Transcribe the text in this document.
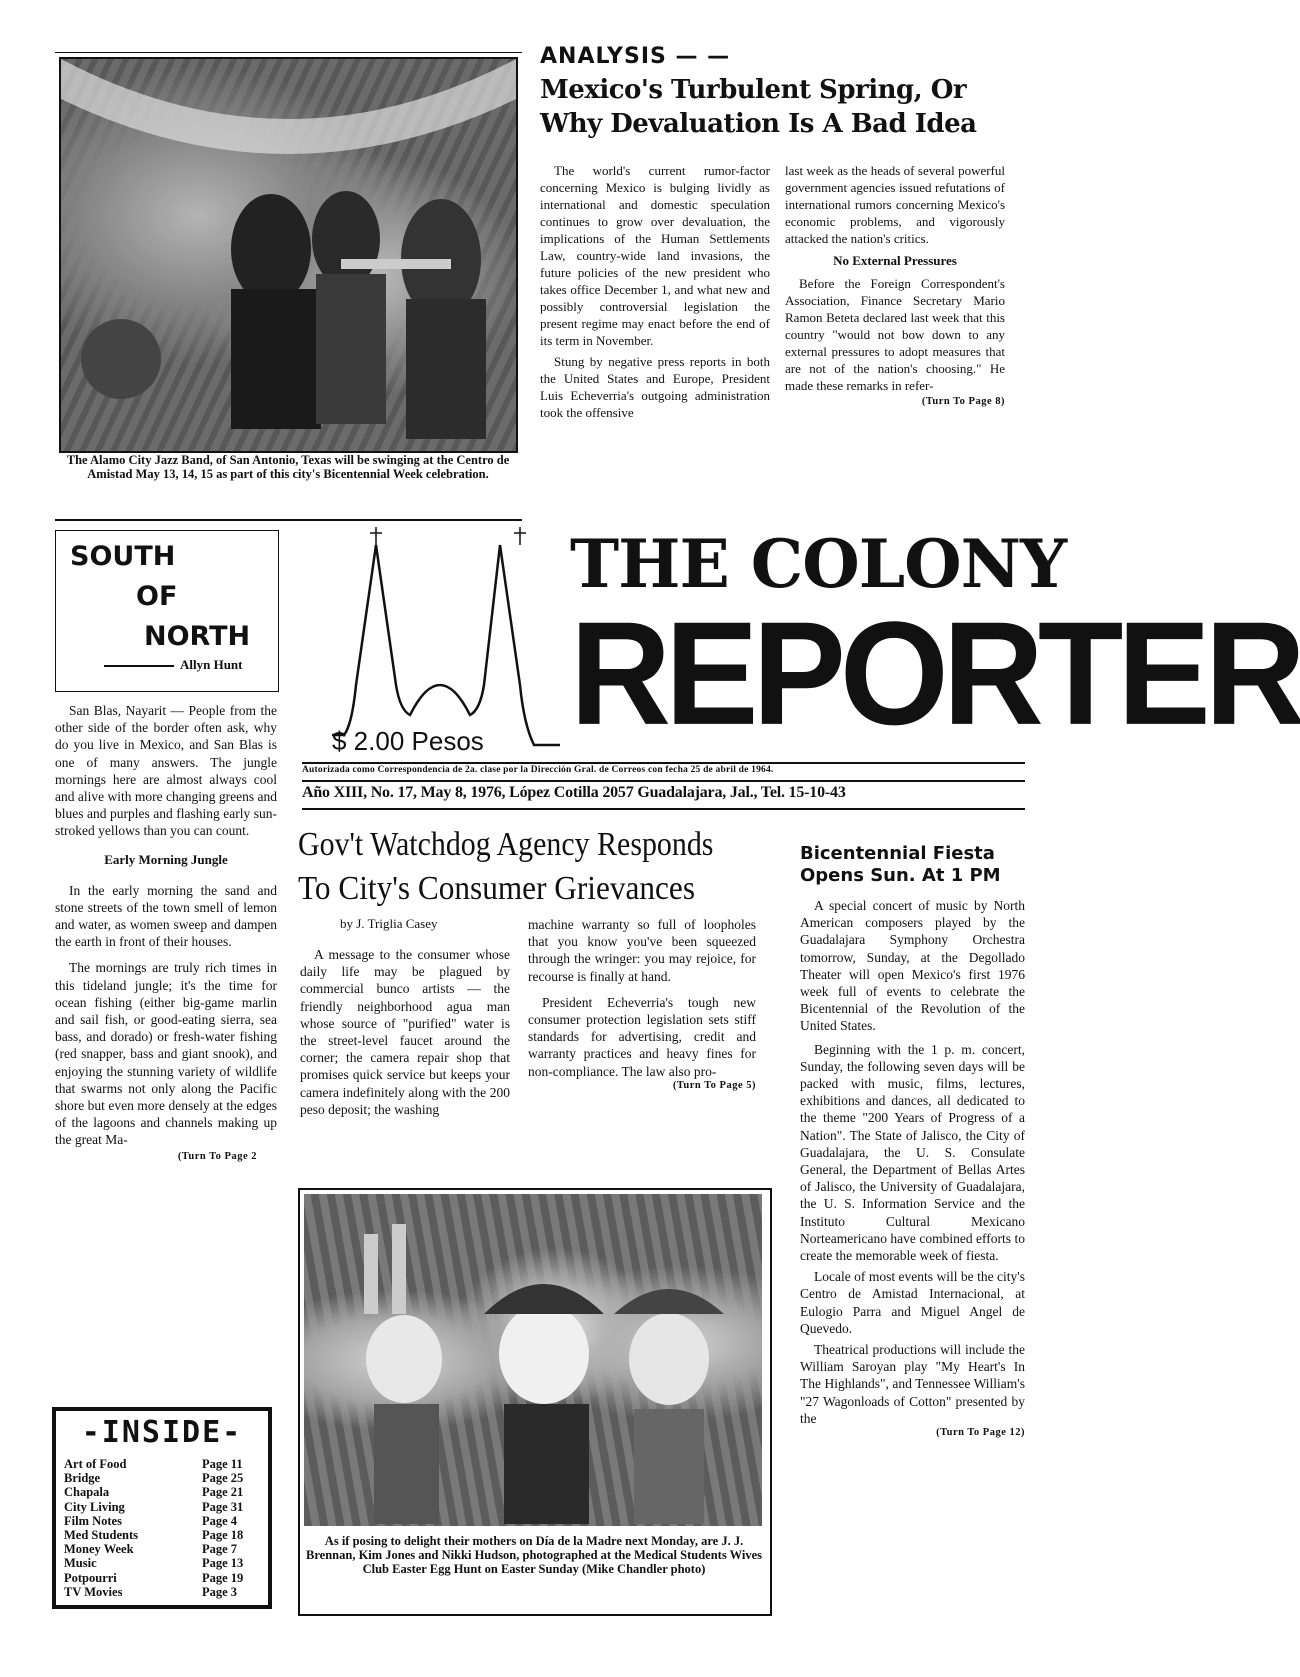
The Alamo City Jazz Band, of San Antonio, Texas will be swinging at the Centro de Amistad May 13, 14, 15 as part of this city's Bicentennial Week celebration.
ANALYSIS — —
Mexico's Turbulent Spring, Or
Why Devaluation Is A Bad Idea

The world's current rumor-factor concerning Mexico is bulging lividly as international and domestic speculation continues to grow over devaluation, the implications of the Human Settlements Law, country-wide land invasions, the future policies of the new president who takes office December 1, and what new and possibly controversial legislation the present regime may enact before the end of its term in November.

Stung by negative press reports in both the United States and Europe, President Luis Echeverria's outgoing administration took the offensive

last week as the heads of several powerful government agencies issued refutations of international rumors concerning Mexico's economic problems, and vigorously attacked the nation's critics.

No External Pressures

Before the Foreign Correspondent's Association, Finance Secretary Mario Ramon Beteta declared last week that this country "would not bow down to any external pressures to adopt measures that are not of the nation's choosing." He made these remarks in refer-

(Turn To Page 8)
SOUTH
OF
NORTH
Allyn Hunt

San Blas, Nayarit — People from the other side of the border often ask, why do you live in Mexico, and San Blas is one of many answers. The jungle mornings here are almost always cool and alive with more changing greens and blues and purples and flashing early sun-stroked yellows than you can count.

Early Morning Jungle

In the early morning the sand and stone streets of the town smell of lemon and water, as women sweep and dampen the earth in front of their houses.

The mornings are truly rich times in this tideland jungle; it's the time for ocean fishing (either big-game marlin and sail fish, or good-eating sierra, sea bass, and dorado) or fresh-water fishing (red snapper, bass and giant snook), and enjoying the stunning variety of wildlife that swarms not only along the Pacific shore but even more densely at the edges of the lagoons and channels making up the great Ma-

(Turn To Page 2
$ 2.00 Pesos
THE COLONY
REPORTER
Autorizada como Correspondencia de 2a. clase por la Dirección Gral. de Correos con fecha 25 de abril de 1964.
Año XIII, No. 17, May 8, 1976, López Cotilla 2057 Guadalajara, Jal., Tel. 15-10-43
Gov't Watchdog Agency Responds
To City's Consumer Grievances
by J. Triglia Casey

A message to the consumer whose daily life may be plagued by commercial bunco artists — the friendly neighborhood agua man whose source of "purified" water is the street-level faucet around the corner; the camera repair shop that promises quick service but keeps your camera indefinitely along with the 200 peso deposit; the washing

machine warranty so full of loopholes that you know you've been squeezed through the wringer: you may rejoice, for recourse is finally at hand.

President Echeverria's tough new consumer protection legislation sets stiff standards for advertising, credit and warranty practices and heavy fines for non-compliance. The law also pro-

(Turn To Page 5)
As if posing to delight their mothers on Día de la Madre next Monday, are J. J. Brennan, Kim Jones and Nikki Hudson, photographed at the Medical Students Wives Club Easter Egg Hunt on Easter Sunday (Mike Chandler photo)
Bicentennial Fiesta
Opens Sun. At 1 PM

A special concert of music by North American composers played by the Guadalajara Symphony Orchestra tomorrow, Sunday, at the Degollado Theater will open Mexico's first 1976 week full of events to celebrate the Bicentennial of the Revolution of the United States.

Beginning with the 1 p. m. concert, Sunday, the following seven days will be packed with music, films, lectures, exhibitions and dances, all dedicated to the theme "200 Years of Progress of a Nation". The State of Jalisco, the City of Guadalajara, the U. S. Consulate General, the Department of Bellas Artes of Jalisco, the University of Guadalajara, the U. S. Information Service and the Instituto Cultural Mexicano Norteamericano have combined efforts to create the memorable week of fiesta.

Locale of most events will be the city's Centro de Amistad Internacional, at Eulogio Parra and Miguel Angel de Quevedo.

Theatrical productions will include the William Saroyan play "My Heart's In The Highlands", and Tennessee William's "27 Wagonloads of Cotton" presented by the

(Turn To Page 12)
-INSIDE-
Art of Food	Page 11
Bridge	Page 25
Chapala	Page 21
City Living	Page 31
Film Notes	Page 4
Med Students	Page 18
Money Week	Page 7
Music	Page 13
Potpourri	Page 19
TV Movies	Page 3
